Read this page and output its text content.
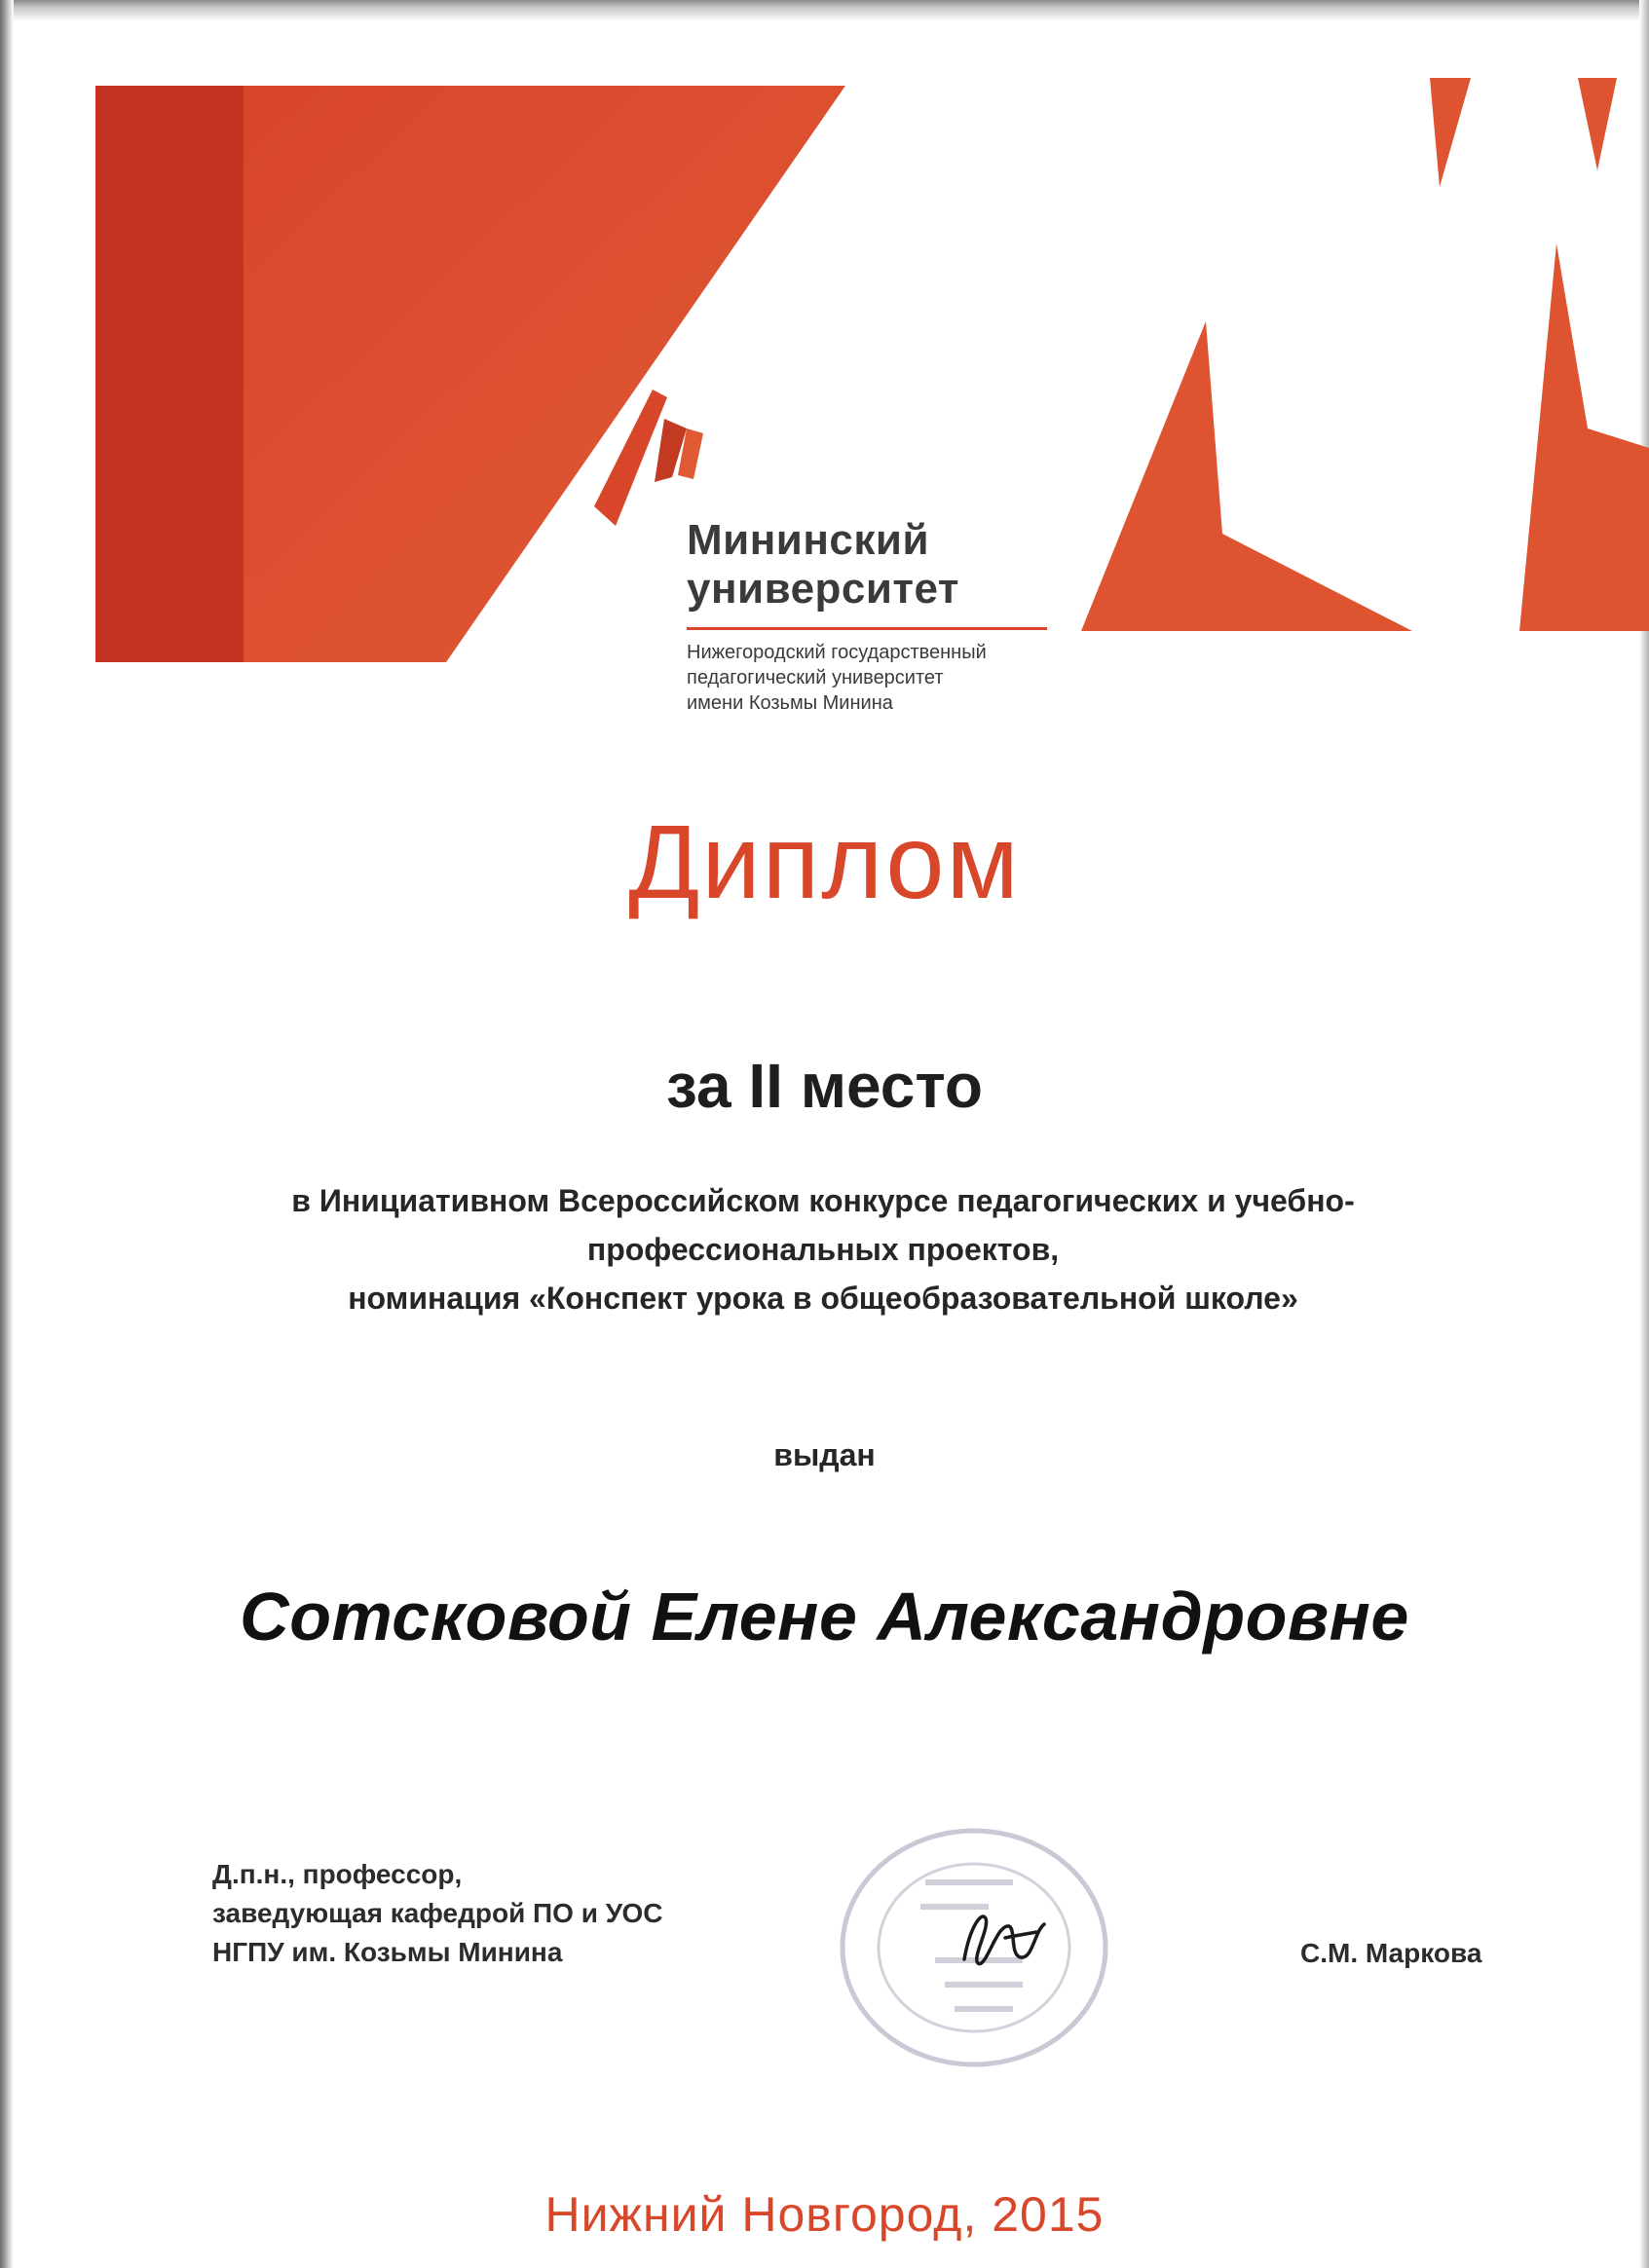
Мининский
университет
Нижегородский государственный
педагогический университет
имени Козьмы Минина
Диплом
за II место
в Инициативном Всероссийском конкурсе педагогических и учебно-
профессиональных проектов,
номинация «Конспект урока в общеобразовательной школе»
выдан
Сотсковой Елене Александровне
Д.п.н., профессор,
заведующая кафедрой ПО и УОС
НГПУ им. Козьмы Минина	С.М. Маркова
Нижний Новгород, 2015
